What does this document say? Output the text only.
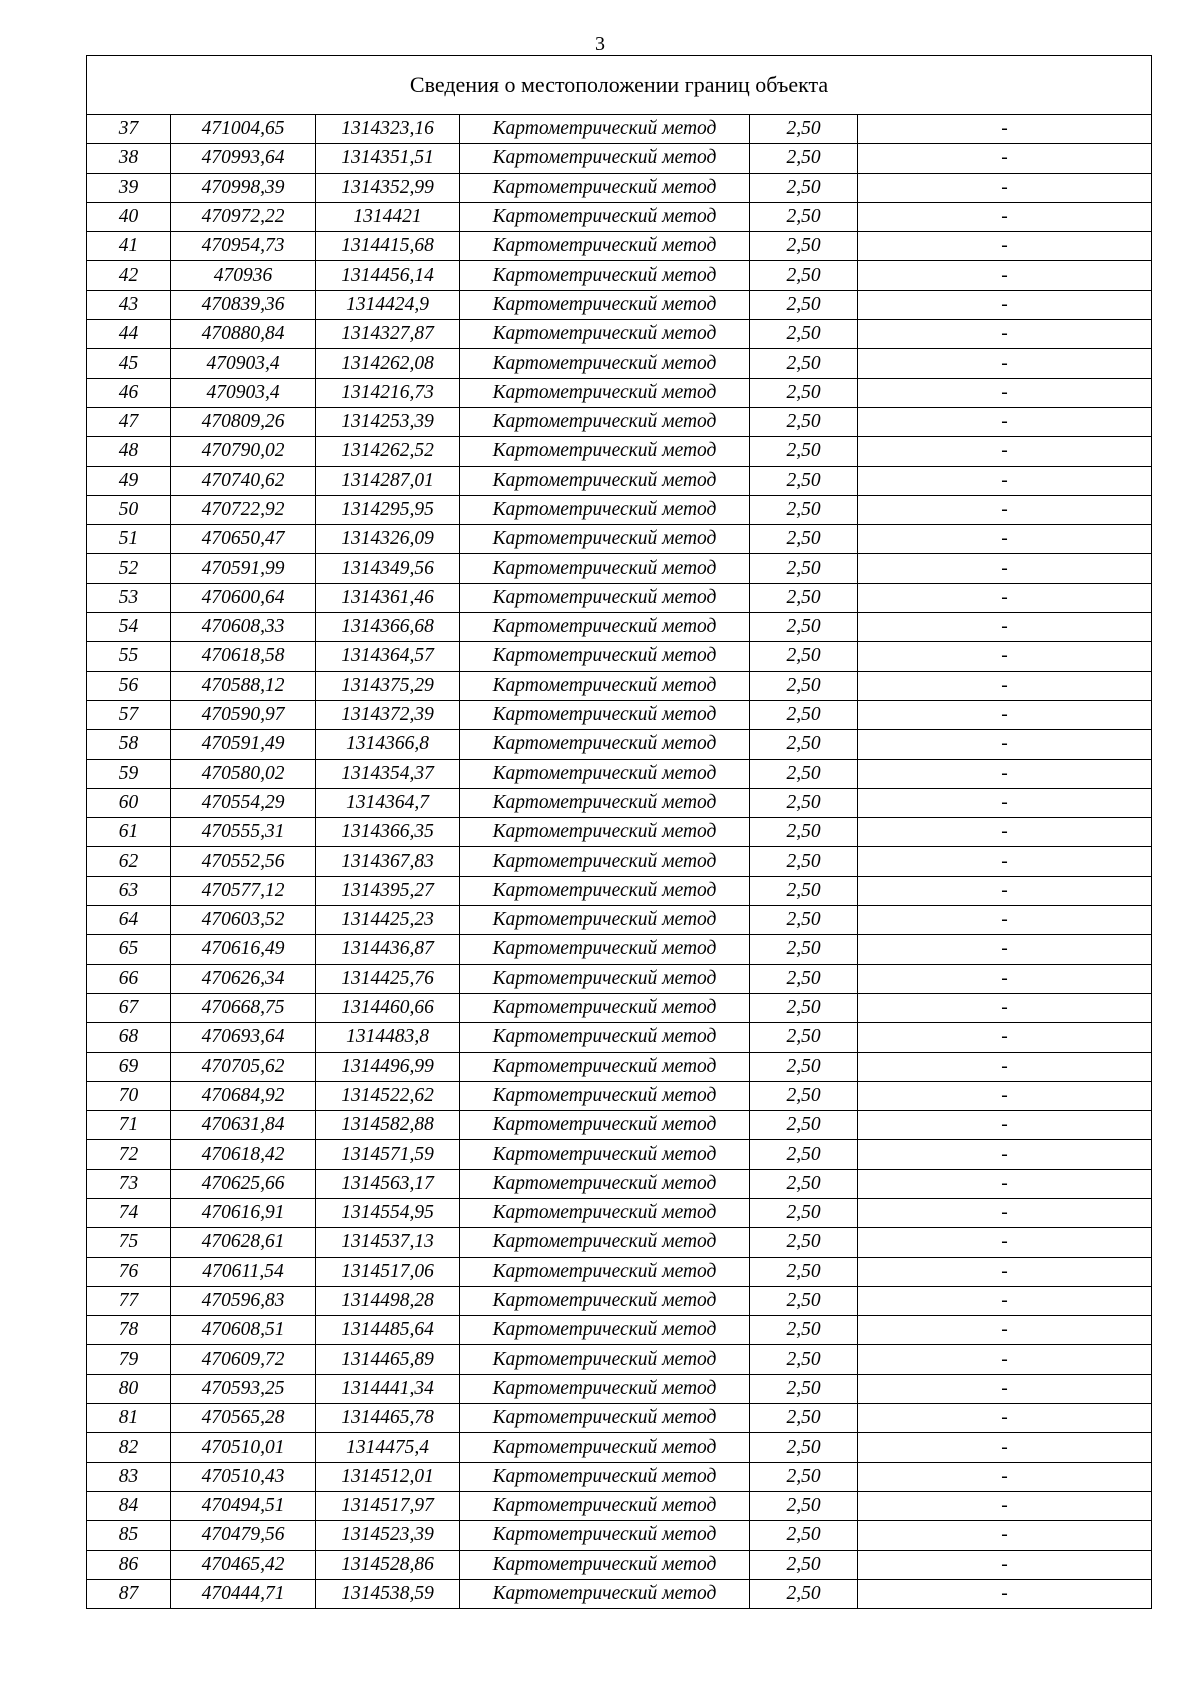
3
Сведения о местоположении границ объекта					
37	471004,65	1314323,16	Картометрический метод	2,50	-
38	470993,64	1314351,51	Картометрический метод	2,50	-
39	470998,39	1314352,99	Картометрический метод	2,50	-
40	470972,22	1314421	Картометрический метод	2,50	-
41	470954,73	1314415,68	Картометрический метод	2,50	-
42	470936	1314456,14	Картометрический метод	2,50	-
43	470839,36	1314424,9	Картометрический метод	2,50	-
44	470880,84	1314327,87	Картометрический метод	2,50	-
45	470903,4	1314262,08	Картометрический метод	2,50	-
46	470903,4	1314216,73	Картометрический метод	2,50	-
47	470809,26	1314253,39	Картометрический метод	2,50	-
48	470790,02	1314262,52	Картометрический метод	2,50	-
49	470740,62	1314287,01	Картометрический метод	2,50	-
50	470722,92	1314295,95	Картометрический метод	2,50	-
51	470650,47	1314326,09	Картометрический метод	2,50	-
52	470591,99	1314349,56	Картометрический метод	2,50	-
53	470600,64	1314361,46	Картометрический метод	2,50	-
54	470608,33	1314366,68	Картометрический метод	2,50	-
55	470618,58	1314364,57	Картометрический метод	2,50	-
56	470588,12	1314375,29	Картометрический метод	2,50	-
57	470590,97	1314372,39	Картометрический метод	2,50	-
58	470591,49	1314366,8	Картометрический метод	2,50	-
59	470580,02	1314354,37	Картометрический метод	2,50	-
60	470554,29	1314364,7	Картометрический метод	2,50	-
61	470555,31	1314366,35	Картометрический метод	2,50	-
62	470552,56	1314367,83	Картометрический метод	2,50	-
63	470577,12	1314395,27	Картометрический метод	2,50	-
64	470603,52	1314425,23	Картометрический метод	2,50	-
65	470616,49	1314436,87	Картометрический метод	2,50	-
66	470626,34	1314425,76	Картометрический метод	2,50	-
67	470668,75	1314460,66	Картометрический метод	2,50	-
68	470693,64	1314483,8	Картометрический метод	2,50	-
69	470705,62	1314496,99	Картометрический метод	2,50	-
70	470684,92	1314522,62	Картометрический метод	2,50	-
71	470631,84	1314582,88	Картометрический метод	2,50	-
72	470618,42	1314571,59	Картометрический метод	2,50	-
73	470625,66	1314563,17	Картометрический метод	2,50	-
74	470616,91	1314554,95	Картометрический метод	2,50	-
75	470628,61	1314537,13	Картометрический метод	2,50	-
76	470611,54	1314517,06	Картометрический метод	2,50	-
77	470596,83	1314498,28	Картометрический метод	2,50	-
78	470608,51	1314485,64	Картометрический метод	2,50	-
79	470609,72	1314465,89	Картометрический метод	2,50	-
80	470593,25	1314441,34	Картометрический метод	2,50	-
81	470565,28	1314465,78	Картометрический метод	2,50	-
82	470510,01	1314475,4	Картометрический метод	2,50	-
83	470510,43	1314512,01	Картометрический метод	2,50	-
84	470494,51	1314517,97	Картометрический метод	2,50	-
85	470479,56	1314523,39	Картометрический метод	2,50	-
86	470465,42	1314528,86	Картометрический метод	2,50	-
87	470444,71	1314538,59	Картометрический метод	2,50	-
